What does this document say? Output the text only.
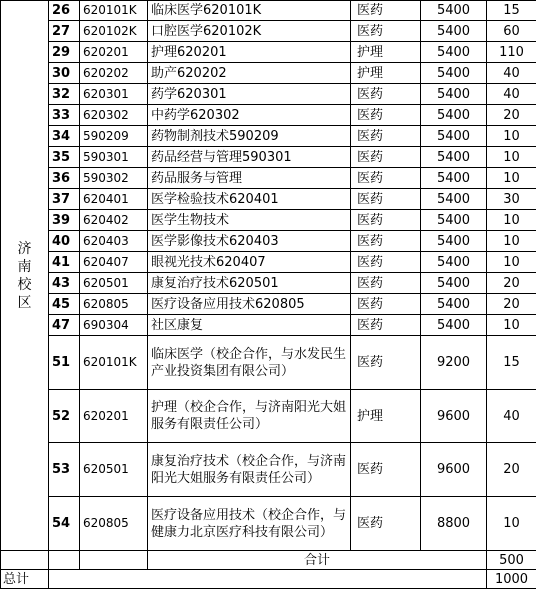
济南校区	26	620101K	临床医学620101K	医药	5400	15
	27	620102K	口腔医学620102K	医药	5400	60
	29	620201	护理620201	护理	5400	110
	30	620202	助产620202	护理	5400	40
	32	620301	药学620301	医药	5400	40
	33	620302	中药学620302	医药	5400	20
	34	590209	药物制剂技术590209	医药	5400	10
	35	590301	药品经营与管理590301	医药	5400	10
	36	590302	药品服务与管理	医药	5400	10
	37	620401	医学检验技术620401	医药	5400	30
	39	620402	医学生物技术	医药	5400	10
	40	620403	医学影像技术620403	医药	5400	10
	41	620407	眼视光技术620407	医药	5400	10
	43	620501	康复治疗技术620501	医药	5400	20
	45	620805	医疗设备应用技术620805	医药	5400	20
	47	690304	社区康复	医药	5400	10
	51	620101K	临床医学（校企合作，与水发民生产业投资集团有限公司）	医药	9200	15
	52	620201	护理（校企合作，与济南阳光大姐服务有限责任公司）	护理	9600	40
	53	620501	康复治疗技术（校企合作，与济南阳光大姐服务有限责任公司）	医药	9600	20
	54	620805	医疗设备应用技术（校企合作，与健康力北京医疗科技有限公司）	医药	8800	10
			合计			500
总计						1000
